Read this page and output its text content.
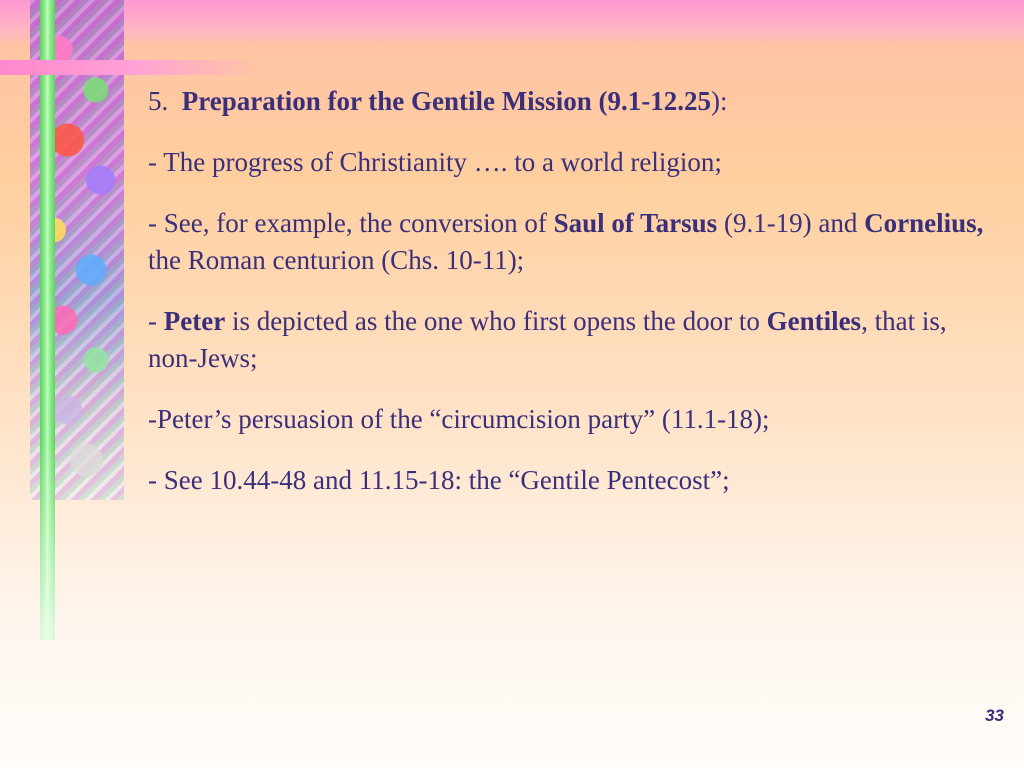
5. Preparation for the Gentile Mission (9.1-12.25):

- The progress of Christianity …. to a world religion;

- See, for example, the conversion of Saul of Tarsus (9.1-19) and Cornelius, the Roman centurion (Chs. 10-11);

- Peter is depicted as the one who first opens the door to Gentiles, that is, non-Jews;

-Peter’s persuasion of the “circumcision party” (11.1-18);

- See 10.44-48 and 11.15-18: the “Gentile Pentecost”;

33
